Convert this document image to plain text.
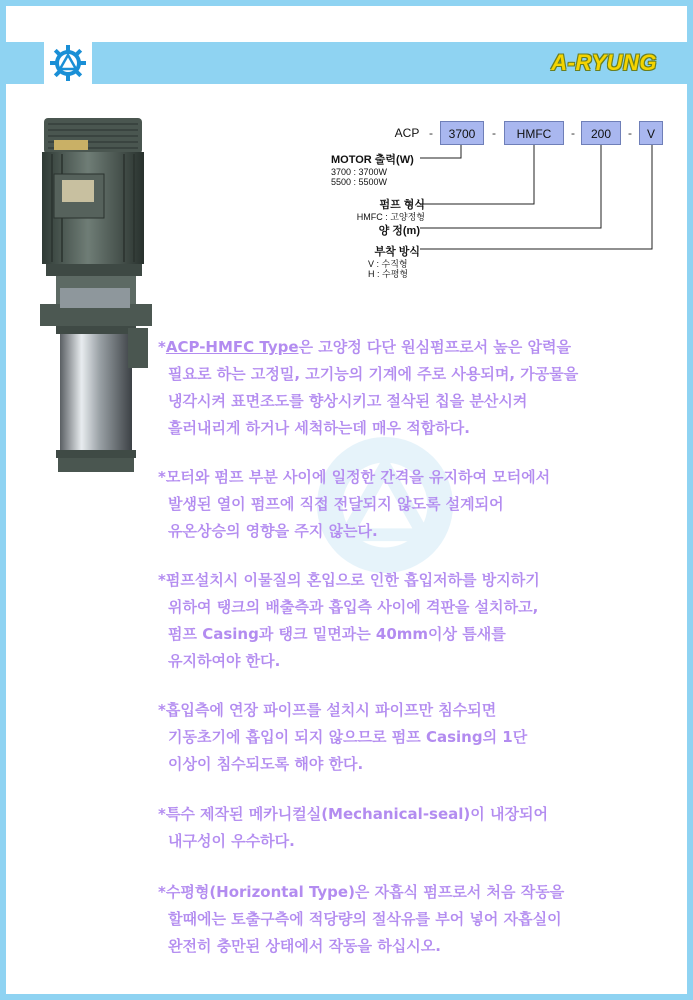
A-RYUNG
ACP -	3700	-	HMFC	-	200	-	V
MOTOR 출력(W)
3700 : 3700W
5500 : 5500W
펌프 형식
HMFC : 고양정형
양 정(m)
부착 방식
V : 수직형
H : 수평형
*ACP-HMFC Type은 고양정 다단 원심펌프로서 높은 압력을
필요로 하는 고정밀, 고기능의 기계에 주로 사용되며, 가공물을
냉각시켜 표면조도를 향상시키고 절삭된 칩을 분산시켜
흘러내리게 하거나 세척하는데 매우 적합하다.
*모터와 펌프 부분 사이에 일정한 간격을 유지하여 모터에서
발생된 열이 펌프에 직접 전달되지 않도록 설계되어
유온상승의 영향을 주지 않는다.
*펌프설치시 이물질의 혼입으로 인한 흡입저하를 방지하기
위하여 탱크의 배출측과 흡입측 사이에 격판을 설치하고,
펌프 Casing과 탱크 밑면과는 40mm이상 틈새를
유지하여야 한다.
*흡입측에 연장 파이프를 설치시 파이프만 침수되면
기동초기에 흡입이 되지 않으므로 펌프 Casing의 1단
이상이 침수되도록 해야 한다.
*특수 제작된 메카니컬실(Mechanical-seal)이 내장되어
내구성이 우수하다.
*수평형(Horizontal Type)은 자흡식 펌프로서 처음 작동을
할때에는 토출구측에 적당량의 절삭유를 부어 넣어 자흡실이
완전히 충만된 상태에서 작동을 하십시오.
